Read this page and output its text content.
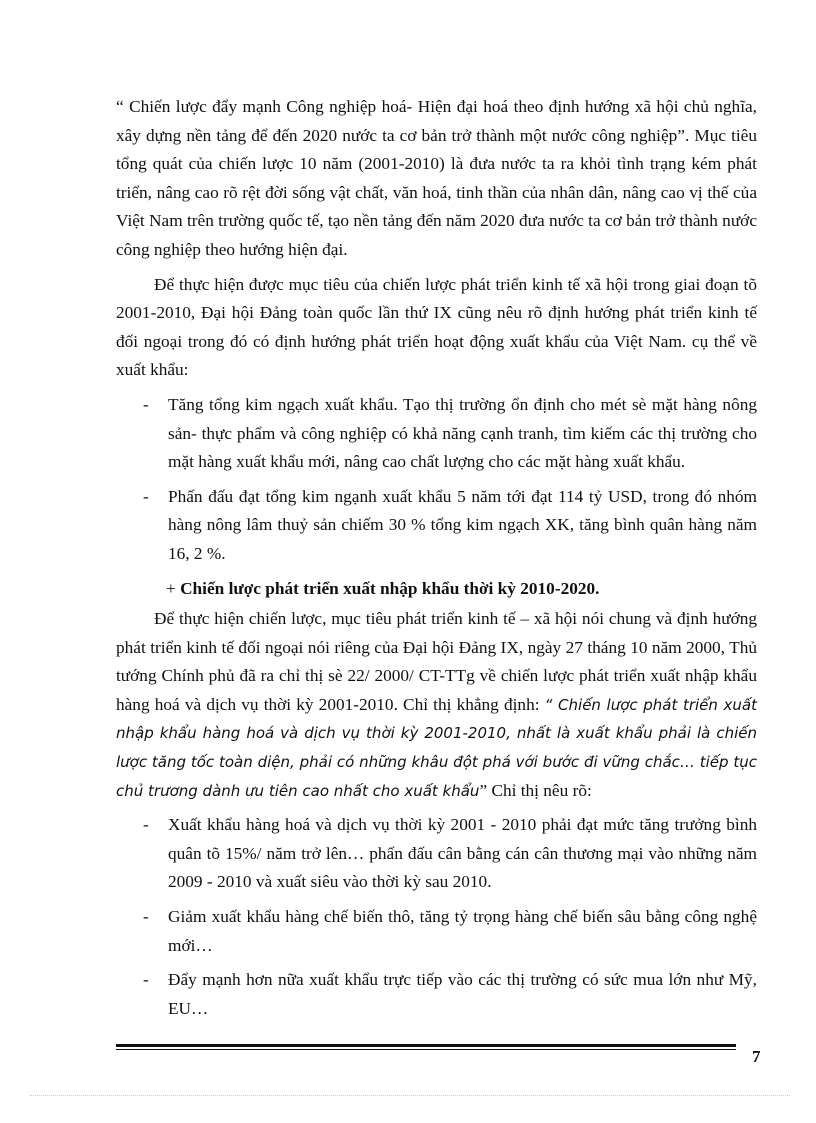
“ Chiến lược đẩy mạnh Công nghiệp hoá- Hiện đại hoá theo định hướng xã hội chủ nghĩa, xây dựng nền tảng để đến 2020 nước ta cơ bản trở thành một nước công nghiệp”. Mục tiêu tổng quát của chiến lược 10 năm (2001-2010) là đưa nước ta ra khỏi tình trạng kém phát triển, nâng cao rõ rệt đời sống vật chất, văn hoá, tinh thần của nhân dân, nâng cao vị thế của Việt Nam trên trường quốc tế, tạo nền tảng đến năm 2020 đưa nước ta cơ bản trở thành nước công nghiệp theo hướng hiện đại.

Để thực hiện được mục tiêu của chiến lược phát triển kinh tế xã hội trong giai đoạn tõ 2001-2010, Đại hội Đảng toàn quốc lần thứ IX cũng nêu rõ định hướng phát triển kinh tế đối ngoại trong đó có định hướng phát triển hoạt động xuất khẩu của Việt Nam. cụ thể về xuất khẩu:

- Tăng tổng kim ngạch xuất khẩu. Tạo thị trường ổn định cho mét sè mặt hàng nông sản- thực phẩm và công nghiệp có khả năng cạnh tranh, tìm kiếm các thị trường cho mặt hàng xuất khẩu mới, nâng cao chất lượng cho các mặt hàng xuất khẩu.
- Phấn đấu đạt tổng kim ngạnh xuất khẩu 5 năm tới đạt 114 tỷ USD, trong đó nhóm hàng nông lâm thuỷ sản chiếm 30 % tổng kim ngạch XK, tăng bình quân hàng năm 16, 2 %.

+ Chiến lược phát triển xuất nhập khẩu thời kỳ 2010-2020.

Để thực hiện chiến lược, mục tiêu phát triển kinh tế – xã hội nói chung và định hướng phát triển kinh tế đối ngoại nói riêng của Đại hội Đảng IX, ngày 27 tháng 10 năm 2000, Thủ tướng Chính phủ đã ra chỉ thị sè 22/ 2000/ CT-TTg về chiến lược phát triển xuất nhập khẩu hàng hoá và dịch vụ thời kỳ 2001-2010. Chỉ thị khẳng định: “ Chiến lược phát triển xuất nhập khẩu hàng hoá và dịch vụ thời kỳ 2001-2010, nhất là xuất khẩu phải là chiến lược tăng tốc toàn diện, phải có những khâu đột phá với bước đi vững chắc… tiếp tục chủ trương dành ưu tiên cao nhất cho xuất khẩu” Chỉ thị nêu rõ:

- Xuất khẩu hàng hoá và dịch vụ thời kỳ 2001 - 2010 phải đạt mức tăng trưởng bình quân tõ 15%/ năm trở lên… phấn đấu cân bằng cán cân thương mại vào những năm 2009 - 2010 và xuất siêu vào thời kỳ sau 2010.
- Giảm xuất khẩu hàng chế biến thô, tăng tỷ trọng hàng chế biến sâu bằng công nghệ mới…
- Đẩy mạnh hơn nữa xuất khẩu trực tiếp vào các thị trường có sức mua lớn như Mỹ, EU…
7
